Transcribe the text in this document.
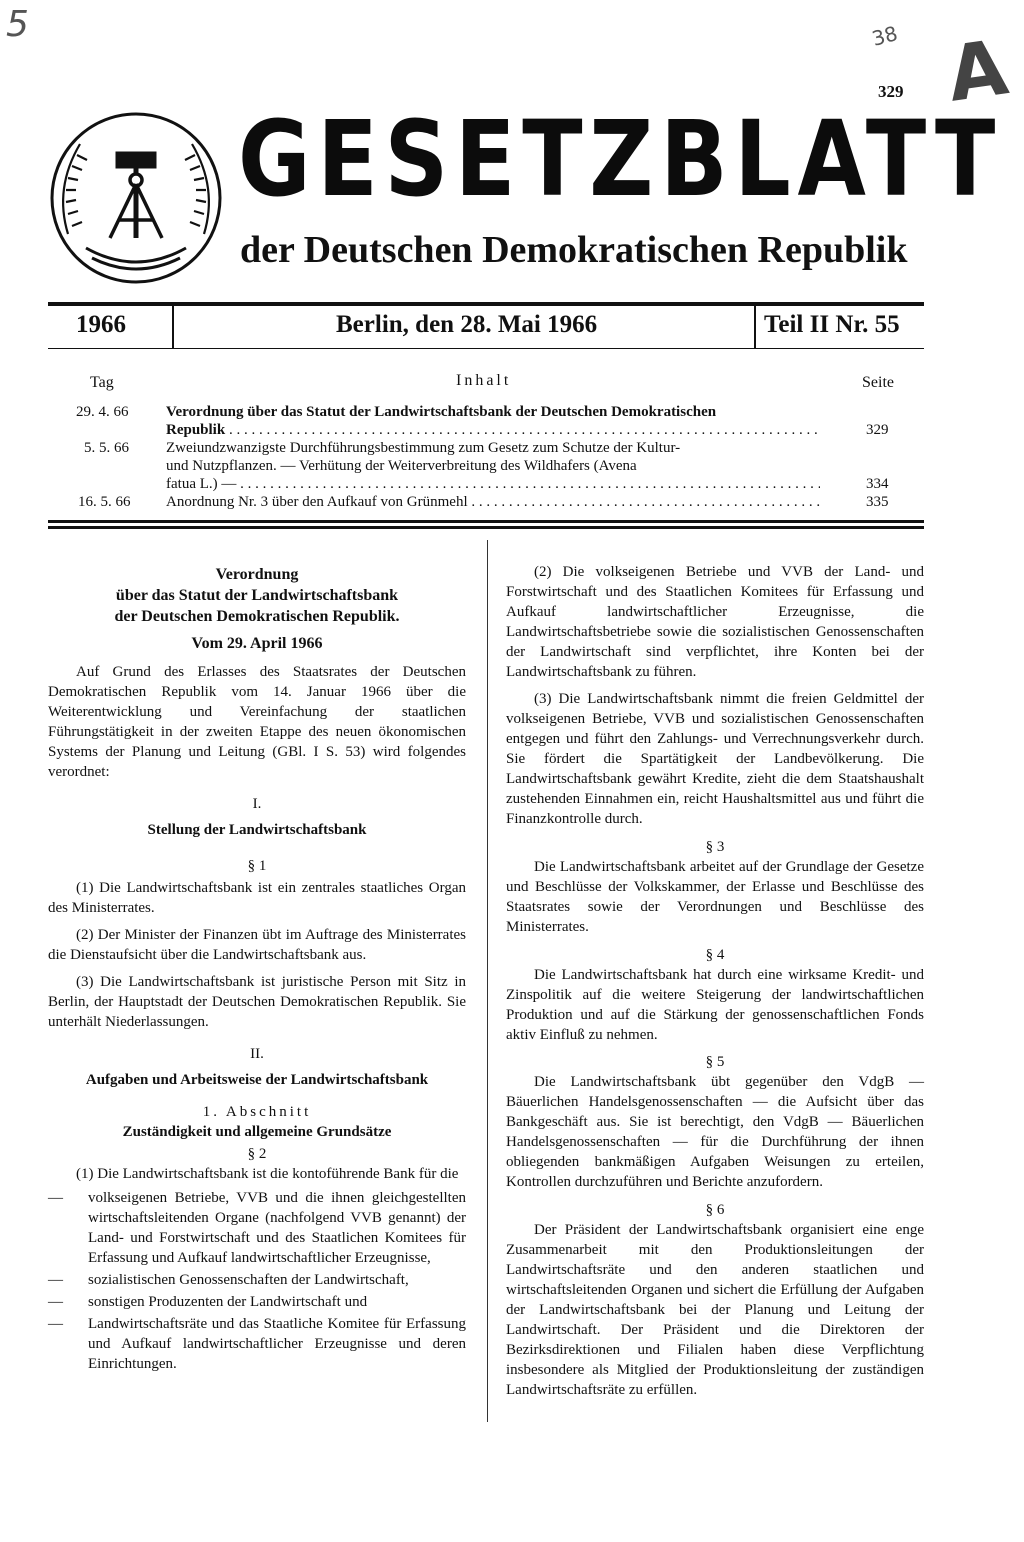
5	38 A
329
GESETZBLATT
der Deutschen Demokratischen Republik
1966	Berlin, den 28. Mai 1966	Teil II Nr. 55
Tag	Inhalt	Seite
29. 4. 66	Verordnung über das Statut der Landwirtschaftsbank der Deutschen Demokratischen
Republik . . .	329
5. 5. 66 Zweiundzwanzigste Durchführungsbestimmung zum Gesetz zum Schutze der Kultur-
und Nutzpflanzen. — Verhütung der Weiterverbreitung des Wildhafers (Avena
fatua L.) — . . .	334
16. 5. 66 Anordnung Nr. 3 über den Aufkauf von Grünmehl . . .	335
Verordnung
über das Statut der Landwirtschaftsbank
der Deutschen Demokratischen Republik.
Vom 29. April 1966

Auf Grund des Erlasses des Staatsrates der Deutschen Demokratischen Republik vom 14. Januar 1966 über die Weiterentwicklung und Vereinfachung der staatlichen Führungstätigkeit in der zweiten Etappe des neuen ökonomischen Systems der Planung und Leitung (GBl. I S. 53) wird folgendes verordnet:

I.
Stellung der Landwirtschaftsbank
§ 1

(1) Die Landwirtschaftsbank ist ein zentrales staatliches Organ des Ministerrates.

(2) Der Minister der Finanzen übt im Auftrage des Ministerrates die Dienstaufsicht über die Landwirtschaftsbank aus.

(3) Die Landwirtschaftsbank ist juristische Person mit Sitz in Berlin, der Hauptstadt der Deutschen Demokratischen Republik. Sie unterhält Niederlassungen.

II.
Aufgaben und Arbeitsweise der Landwirtschaftsbank
1. Abschnitt
Zuständigkeit und allgemeine Grundsätze
§ 2

(1) Die Landwirtschaftsbank ist die kontoführende Bank für die

— volkseigenen Betriebe, VVB und die ihnen gleichgestellten wirtschaftsleitenden Organe (nachfolgend VVB genannt) der Land- und Forstwirtschaft und des Staatlichen Komitees für Erfassung und Aufkauf landwirtschaftlicher Erzeugnisse,
— sozialistischen Genossenschaften der Landwirtschaft,
— sonstigen Produzenten der Landwirtschaft und
— Landwirtschaftsräte und das Staatliche Komitee für Erfassung und Aufkauf landwirtschaftlicher Erzeugnisse und deren Einrichtungen.

(2) Die volkseigenen Betriebe und VVB der Land- und Forstwirtschaft und des Staatlichen Komitees für Erfassung und Aufkauf landwirtschaftlicher Erzeugnisse, die Landwirtschaftsbetriebe sowie die sozialistischen Genossenschaften der Landwirtschaft sind verpflichtet, ihre Konten bei der Landwirtschaftsbank zu führen.

(3) Die Landwirtschaftsbank nimmt die freien Geldmittel der volkseigenen Betriebe, VVB und sozialistischen Genossenschaften entgegen und führt den Zahlungs- und Verrechnungsverkehr durch. Sie fördert die Spartätigkeit der Landbevölkerung. Die Landwirtschaftsbank gewährt Kredite, zieht die dem Staatshaushalt zustehenden Einnahmen ein, reicht Haushaltsmittel aus und führt die Finanzkontrolle durch.

§ 3

Die Landwirtschaftsbank arbeitet auf der Grundlage der Gesetze und Beschlüsse der Volkskammer, der Erlasse und Beschlüsse des Staatsrates sowie der Verordnungen und Beschlüsse des Ministerrates.

§ 4

Die Landwirtschaftsbank hat durch eine wirksame Kredit- und Zinspolitik auf die weitere Steigerung der landwirtschaftlichen Produktion und auf die Stärkung der genossenschaftlichen Fonds aktiv Einfluß zu nehmen.

§ 5

Die Landwirtschaftsbank übt gegenüber den VdgB — Bäuerlichen Handelsgenossenschaften — die Aufsicht über das Bankgeschäft aus. Sie ist berechtigt, den VdgB — Bäuerlichen Handelsgenossenschaften — für die Durchführung der ihnen obliegenden bankmäßigen Aufgaben Weisungen zu erteilen, Kontrollen durchzuführen und Berichte anzufordern.

§ 6

Der Präsident der Landwirtschaftsbank organisiert eine enge Zusammenarbeit mit den Produktionsleitungen der Landwirtschaftsräte und den anderen staatlichen und wirtschaftsleitenden Organen und sichert die Erfüllung der Aufgaben der Landwirtschaftsbank bei der Planung und Leitung der Landwirtschaft. Der Präsident und die Direktoren der Bezirksdirektionen und Filialen haben diese Verpflichtung insbesondere als Mitglied der Produktionsleitung der zuständigen Landwirtschaftsräte zu erfüllen.
